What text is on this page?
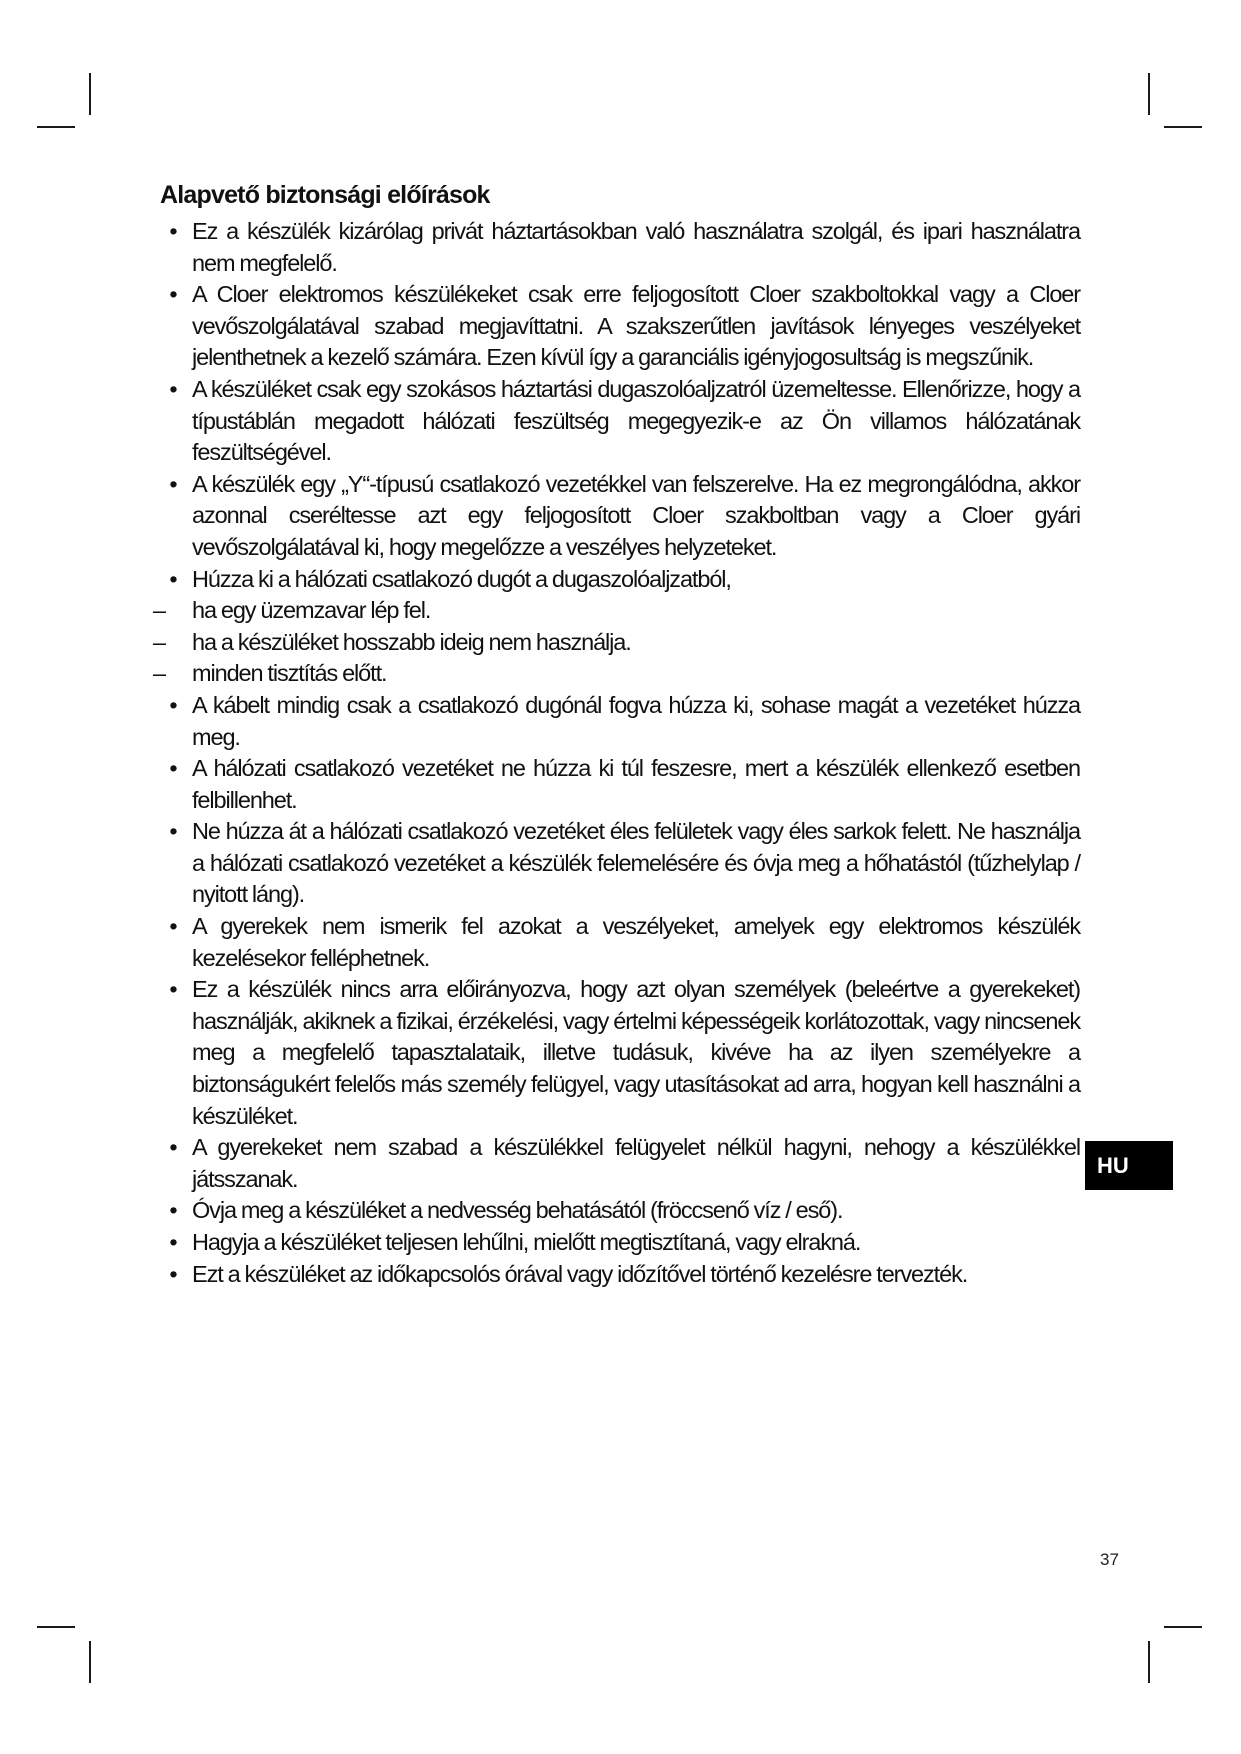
Alapvető biztonsági előírások
• Ez a készülék kizárólag privát háztartásokban való használatra szolgál, és ipari használatra nem megfelelő.
• A Cloer elektromos készülékeket csak erre feljogosított Cloer szakboltokkal vagy a Cloer vevőszolgálatával szabad megjavíttatni. A szakszerűtlen javítások lényeges veszélyeket jelenthetnek a kezelő számára. Ezen kívül így a garanciális igényjogosultság is megszűnik.
• A készüléket csak egy szokásos háztartási dugaszolóaljzatról üzemeltesse. Ellenőrizze, hogy a típustáblán megadott hálózati feszültség megegyezik-e az Ön villamos hálózatának feszültségével.
• A készülék egy „Y“-típusú csatlakozó vezetékkel van felszerelve. Ha ez megrongálódna, akkor azonnal cseréltesse azt egy feljogosított Cloer szakboltban vagy a Cloer gyári vevőszolgálatával ki, hogy megelőzze a veszélyes helyzeteket.
• Húzza ki a hálózati csatlakozó dugót a dugaszolóaljzatból,
– ha egy üzemzavar lép fel.
– ha a készüléket hosszabb ideig nem használja.
– minden tisztítás előtt.
• A kábelt mindig csak a csatlakozó dugónál fogva húzza ki, sohase magát a vezetéket húzza meg.
• A hálózati csatlakozó vezetéket ne húzza ki túl feszesre, mert a készülék ellenkező esetben felbillenhet.
• Ne húzza át a hálózati csatlakozó vezetéket éles felületek vagy éles sarkok felett. Ne használja a hálózati csatlakozó vezetéket a készülék felemelésére és óvja meg a hőhatástól (tűzhelylap / nyitott láng).
• A gyerekek nem ismerik fel azokat a veszélyeket, amelyek egy elektromos készülék kezelésekor felléphetnek.
• Ez a készülék nincs arra előirányozva, hogy azt olyan személyek (beleértve a gyerekeket) használják, akiknek a fizikai, érzékelési, vagy értelmi képességeik korlátozottak, vagy nincsenek meg a megfelelő tapasztalataik, illetve tudásuk, kivéve ha az ilyen személyekre a biztonságukért felelős más személy felügyel, vagy utasításokat ad arra, hogyan kell használni a készüléket.
• A gyerekeket nem szabad a készülékkel felügyelet nélkül hagyni, nehogy a készülékkel játsszanak.
• Óvja meg a készüléket a nedvesség behatásától (fröccsenő víz / eső).
• Hagyja a készüléket teljesen lehűlni, mielőtt megtisztítaná, vagy elrakná.
• Ezt a készüléket az időkapcsolós órával vagy időzítővel történő kezelésre tervezték.
HU
37
